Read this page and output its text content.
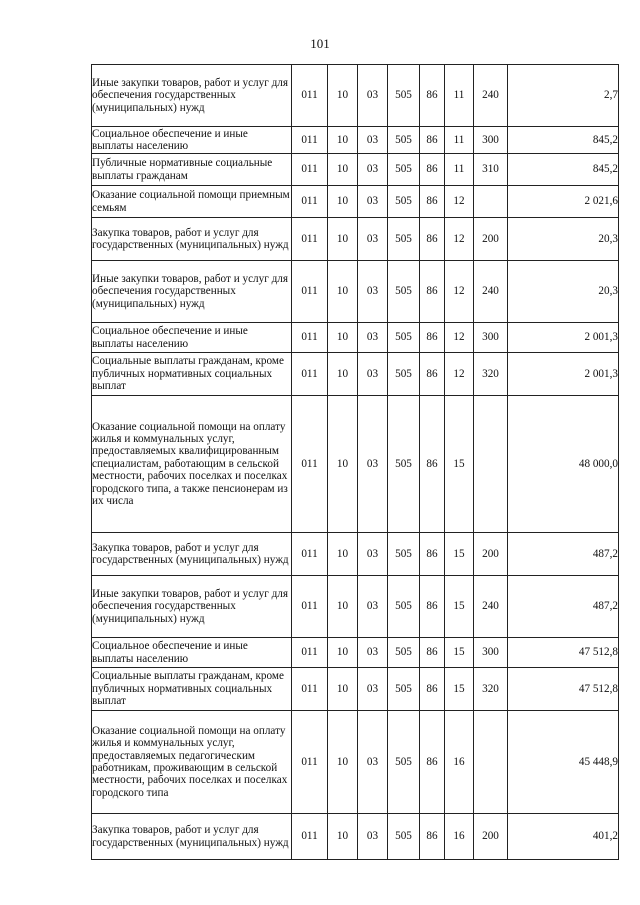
101
Иные закупки товаров, работ и услуг для обеспечения государственных (муниципальных) нужд	011	10	03	505	86	11	240	2,7
Социальное обеспечение и иные выплаты населению	011	10	03	505	86	11	300	845,2
Публичные нормативные социальные выплаты гражданам	011	10	03	505	86	11	310	845,2
Оказание социальной помощи приемным семьям	011	10	03	505	86	12		2 021,6
Закупка товаров, работ и услуг для государственных (муниципальных) нужд	011	10	03	505	86	12	200	20,3
Иные закупки товаров, работ и услуг для обеспечения государственных (муниципальных) нужд	011	10	03	505	86	12	240	20,3
Социальное обеспечение и иные выплаты населению	011	10	03	505	86	12	300	2 001,3
Социальные выплаты гражданам, кроме публичных нормативных социальных выплат	011	10	03	505	86	12	320	2 001,3
Оказание социальной помощи на оплату жилья и коммунальных услуг, предоставляемых квалифицированным специалистам, работающим в сельской местности, рабочих поселках и поселках городского типа, а также пенсионерам из их числа	011	10	03	505	86	15		48 000,0
Закупка товаров, работ и услуг для государственных (муниципальных) нужд	011	10	03	505	86	15	200	487,2
Иные закупки товаров, работ и услуг для обеспечения государственных (муниципальных) нужд	011	10	03	505	86	15	240	487,2
Социальное обеспечение и иные выплаты населению	011	10	03	505	86	15	300	47 512,8
Социальные выплаты гражданам, кроме публичных нормативных социальных выплат	011	10	03	505	86	15	320	47 512,8
Оказание социальной помощи на оплату жилья и коммунальных услуг, предоставляемых педагогическим работникам, проживающим в сельской местности, рабочих поселках и поселках городского типа	011	10	03	505	86	16		45 448,9
Закупка товаров, работ и услуг для государственных (муниципальных) нужд	011	10	03	505	86	16	200	401,2
